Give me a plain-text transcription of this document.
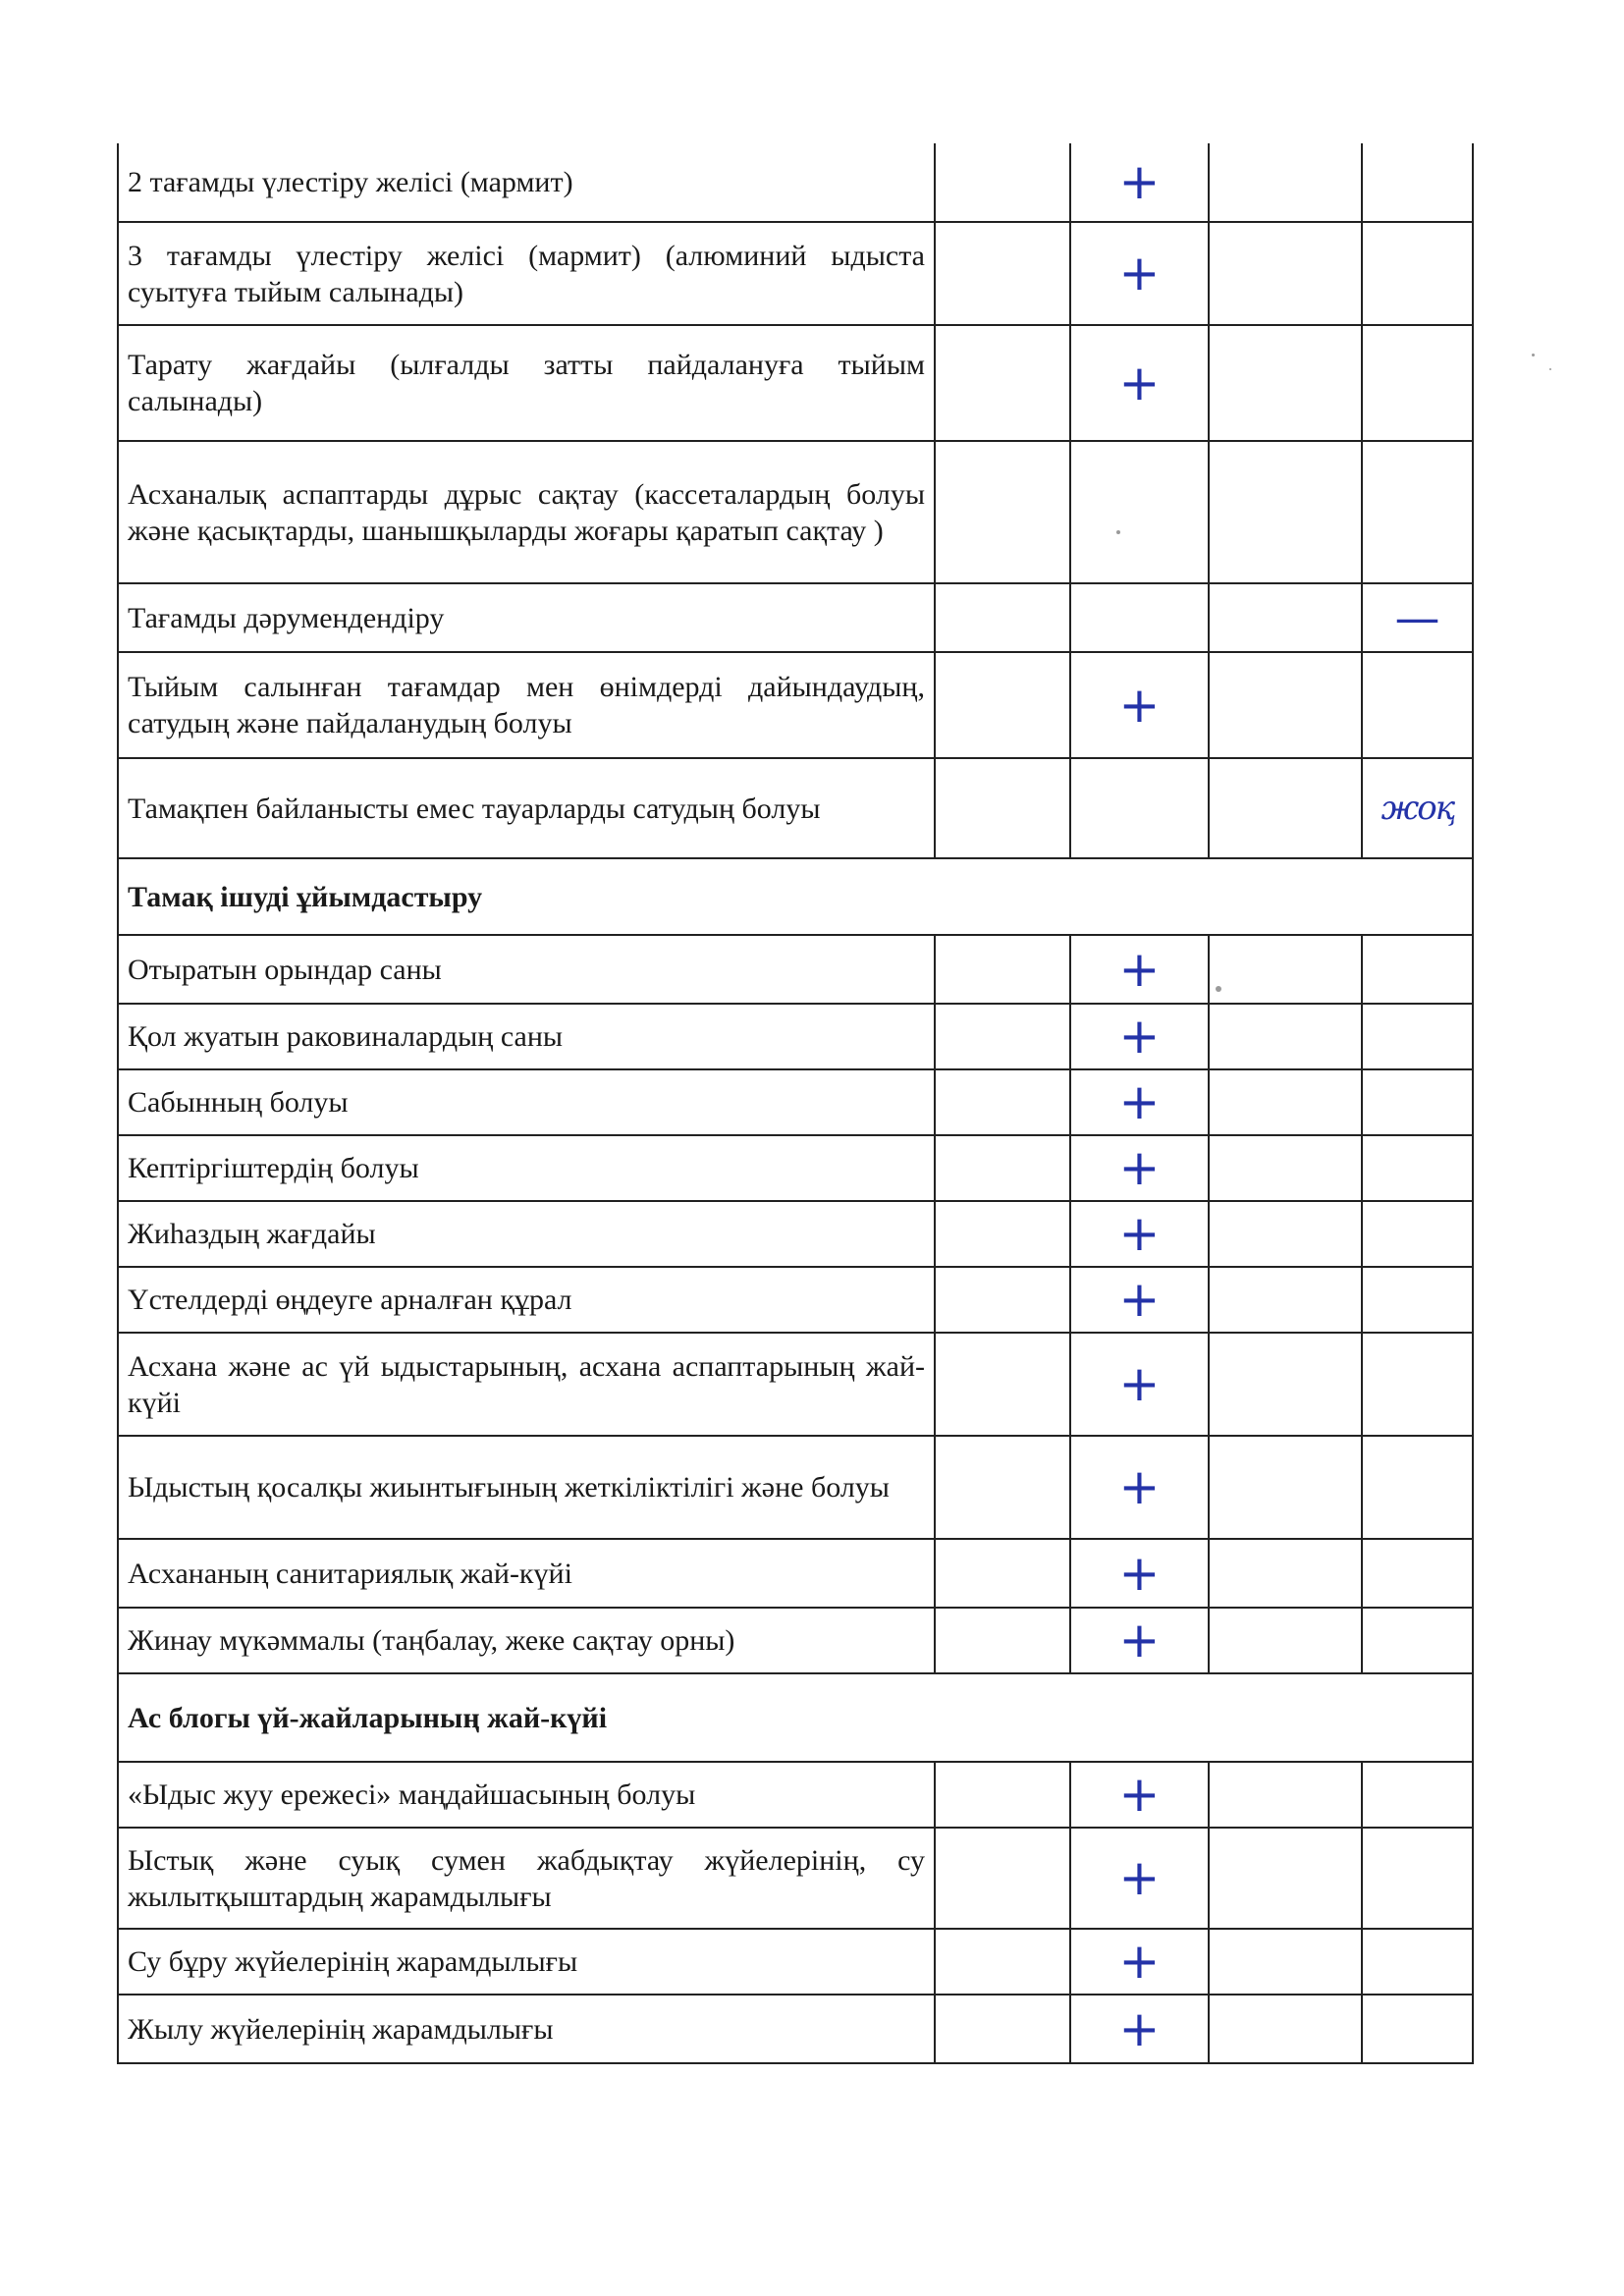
2 тағамды үлестіру желісі (мармит)		+		
3 тағамды үлестіру желісі (мармит) (алюминий ыдыста суытуға тыйым салынады)		+		
Тарату жағдайы (ылғалды затты пайдалануға тыйым салынады)		+		
Асханалық аспаптарды дұрыс сақтау (кассеталардың болуы және қасықтарды, шанышқыларды жоғары қаратып сақтау )				
Тағамды дәрумендендіру				—
Тыйым салынған тағамдар мен өнімдерді дайындаудың, сатудың және пайдаланудың болуы		+		
Тамақпен байланысты емес тауарларды сатудың болуы				жоқ
Тамақ ішуді ұйымдастыру				
Отыратын орындар саны		+		
Қол жуатын раковиналардың саны		+		
Сабынның болуы		+		
Кептіргіштердің болуы		+		
Жиһаздың жағдайы		+		
Үстелдерді өңдеуге арналған құрал		+		
Асхана және ас үй ыдыстарының, асхана аспаптарының жай-күйі		+		
Ыдыстың қосалқы жиынтығының жеткіліктілігі және болуы		+		
Асхананың санитариялық жай-күйі		+		
Жинау мүкәммалы (таңбалау, жеке сақтау орны)		+		
Ас блогы үй-жайларының жай-күйі				
«Ыдыс жуу ережесі» маңдайшасының болуы		+		
Ыстық және суық сумен жабдықтау жүйелерінің, су жылытқыштардың жарамдылығы		+		
Су бұру жүйелерінің жарамдылығы		+		
Жылу жүйелерінің жарамдылығы		+		
